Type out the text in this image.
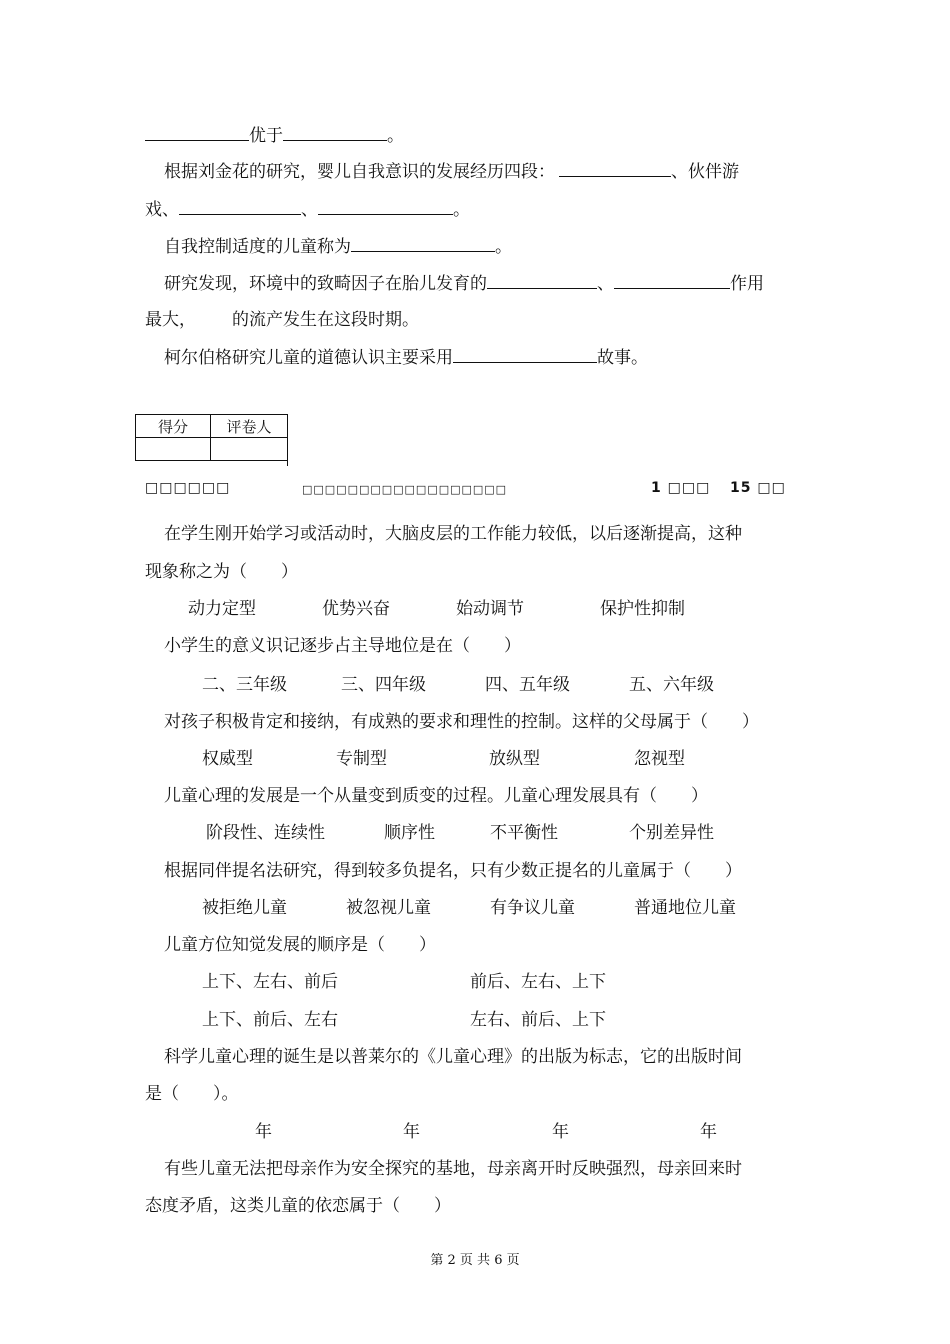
优于	。
根据刘金花的研究，婴儿自我意识的发展经历四段：	、伙伴游
戏、	、	。
自我控制适度的儿童称为	。
研究发现，环境中的致畸因子在胎儿发育的	、	作用
最大， 的流产发生在这段时期。
柯尔伯格研究儿童的道德认识主要采用	故事。
得分	评卷人

□□□□□□	□□□□□□□□□□□□□□□□□□	1 □□□ 15 □□
在学生刚开始学习或活动时，大脑皮层的工作能力较低，以后逐渐提高，这种
现象称之为（　　）
动力定型	优势兴奋	始动调节	保护性抑制
小学生的意义识记逐步占主导地位是在（　　）
二、三年级	三、四年级	四、五年级	五、六年级
对孩子积极肯定和接纳，有成熟的要求和理性的控制。这样的父母属于（　　）
权威型	专制型	放纵型	忽视型
儿童心理的发展是一个从量变到质变的过程。儿童心理发展具有（　　）
阶段性、连续性	顺序性	不平衡性	个别差异性
根据同伴提名法研究，得到较多负提名，只有少数正提名的儿童属于（　　）
被拒绝儿童	被忽视儿童	有争议儿童	普通地位儿童
儿童方位知觉发展的顺序是（　　）
上下、左右、前后	前后、左右、上下
上下、前后、左右	左右、前后、上下
科学儿童心理的诞生是以普莱尔的《儿童心理》的出版为标志，它的出版时间
是（　　）。
年	年	年	年
有些儿童无法把母亲作为安全探究的基地，母亲离开时反映强烈，母亲回来时
态度矛盾，这类儿童的依恋属于（　　）
第 2 页 共 6 页
